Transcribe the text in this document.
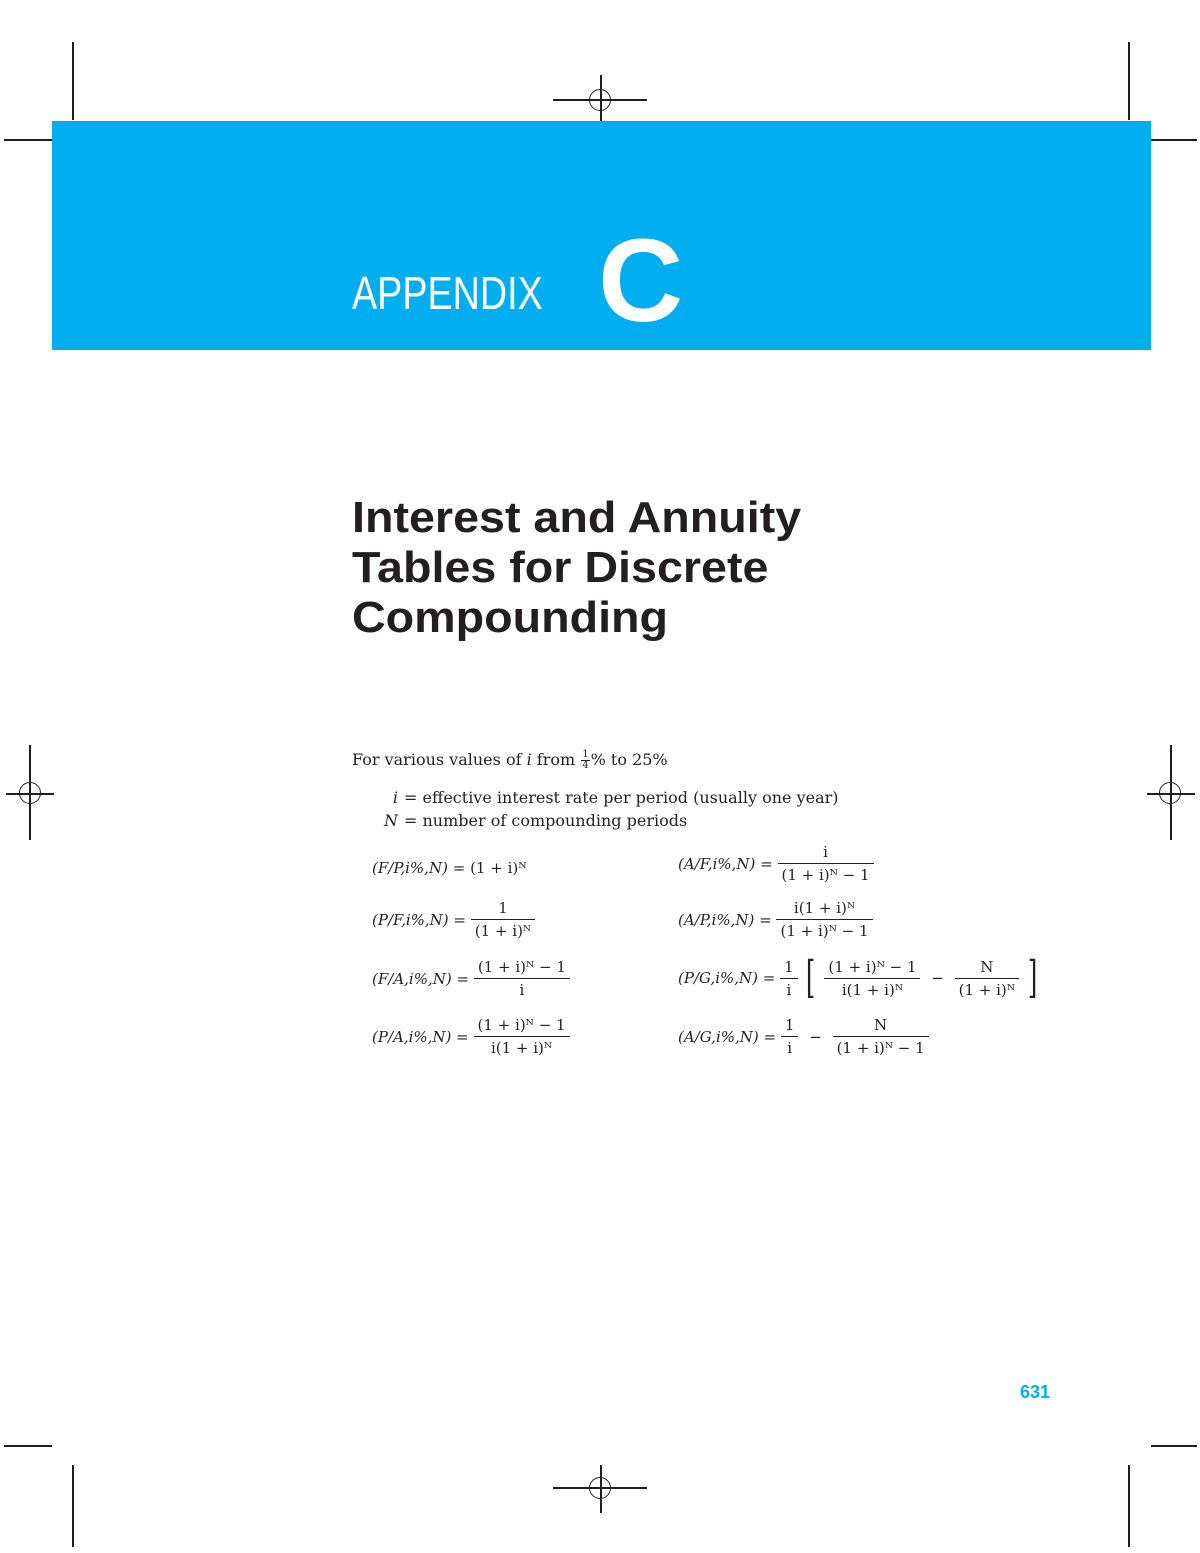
APPENDIX C
Interest and Annuity
Tables for Discrete
Compounding
For various values of i from $\frac{1}{4}$ % to 25%
i = effective interest rate per period (usually one year)
N = number of compounding periods
(F/P,i%,N) = (1 + i)ᴺ
$(P/F,i\%,N) = \frac{1}{\text{(1 + i)ᴺ}}$
$(F/A,i\%,N) = \frac{\text{(1 + i)ᴺ − 1}}{i}$
$(P/A,i\%,N) = \frac{\text{(1 + i)ᴺ − 1}}{\text{i(1 + i)ᴺ}}$
$(A/F,i\%,N) = \frac{i}{\text{(1 + i)ᴺ − 1}}$
$(A/P,i\%,N) = \frac{\text{i(1 + i)ᴺ}}{\text{(1 + i)ᴺ − 1}}$
$(P/G,i\%,N) = \frac{1}{i}$ [ $\frac{\text{(1 + i)ᴺ − 1}}{\text{i(1 + i)ᴺ}} - \frac{N}{\text{(1 + i)ᴺ}}$ ]
$(A/G,i\%,N) = \frac{1}{i} - \frac{N}{\text{(1 + i)ᴺ − 1}}$
631
